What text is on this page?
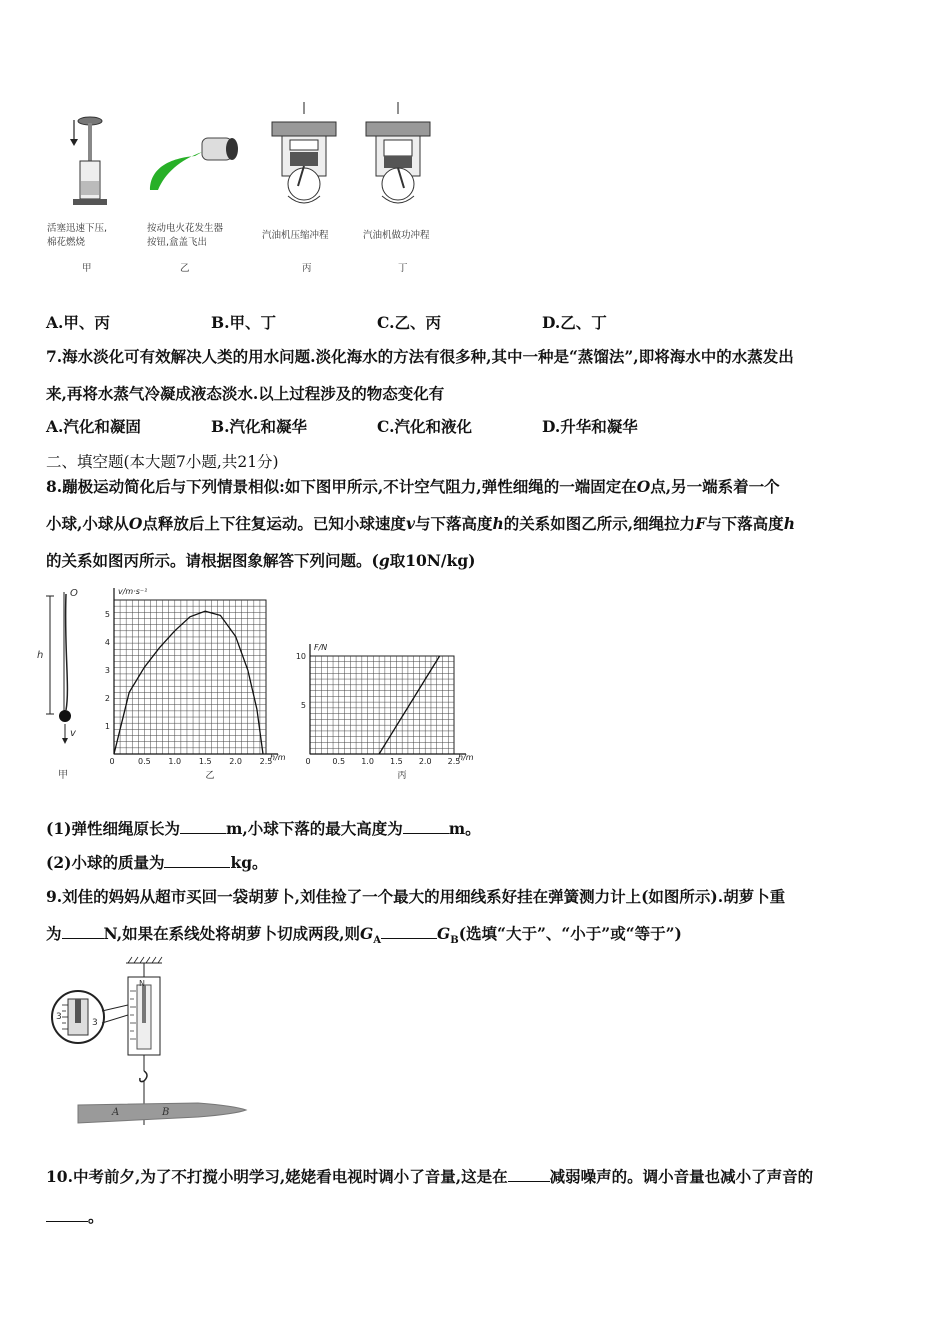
活塞迅速下压,
棉花燃烧
按动电火花发生器
按钮,盒盖飞出
汽油机压缩冲程	汽油机做功冲程
甲	乙	丙	丁
A.甲、丙	B.甲、丁	C.乙、丙	D.乙、丁
7.海水淡化可有效解决人类的用水问题.淡化海水的方法有很多种,其中一种是“蒸馏法”,即将海水中的水蒸发出
来,再将水蒸气冷凝成液态淡水.以上过程涉及的物态变化有
A.汽化和凝固	B.汽化和凝华	C.汽化和液化	D.升华和凝华
二、填空题(本大题7小题,共21分)
8.蹦极运动简化后与下列情景相似:如下图甲所示,不计空气阻力,弹性细绳的一端固定在O点,另一端系着一个
小球,小球从O点释放后上下往复运动。已知小球速度v与下落高度h的关系如图乙所示,细绳拉力F与下落高度h
的关系如图丙所示。请根据图象解答下列问题。(g取10N/kg)
O
h
v
甲
0.5 1.0 1.5 2.0 2.5
0
1
2
3
4
5
h/m
v/m·s⁻¹
乙
0.5 1.0 1.5 2.0 2.5
0
5
10
h/m
F/N
丙
(1)弹性细绳原长为	m,小球下落的最大高度为	m。
(2)小球的质量为	kg。
9.刘佳的妈妈从超市买回一袋胡萝卜,刘佳捡了一个最大的用细线系好挂在弹簧测力计上(如图所示).胡萝卜重
为	N,如果在系线处将胡萝卜切成两段,则$G_A$	$G_B$(选填“大于”、“小于”或“等于”)
N
3
3
A	B
10.中考前夕,为了不打搅小明学习,姥姥看电视时调小了音量,这是在	减弱噪声的。调小音量也减小了声音的
。
